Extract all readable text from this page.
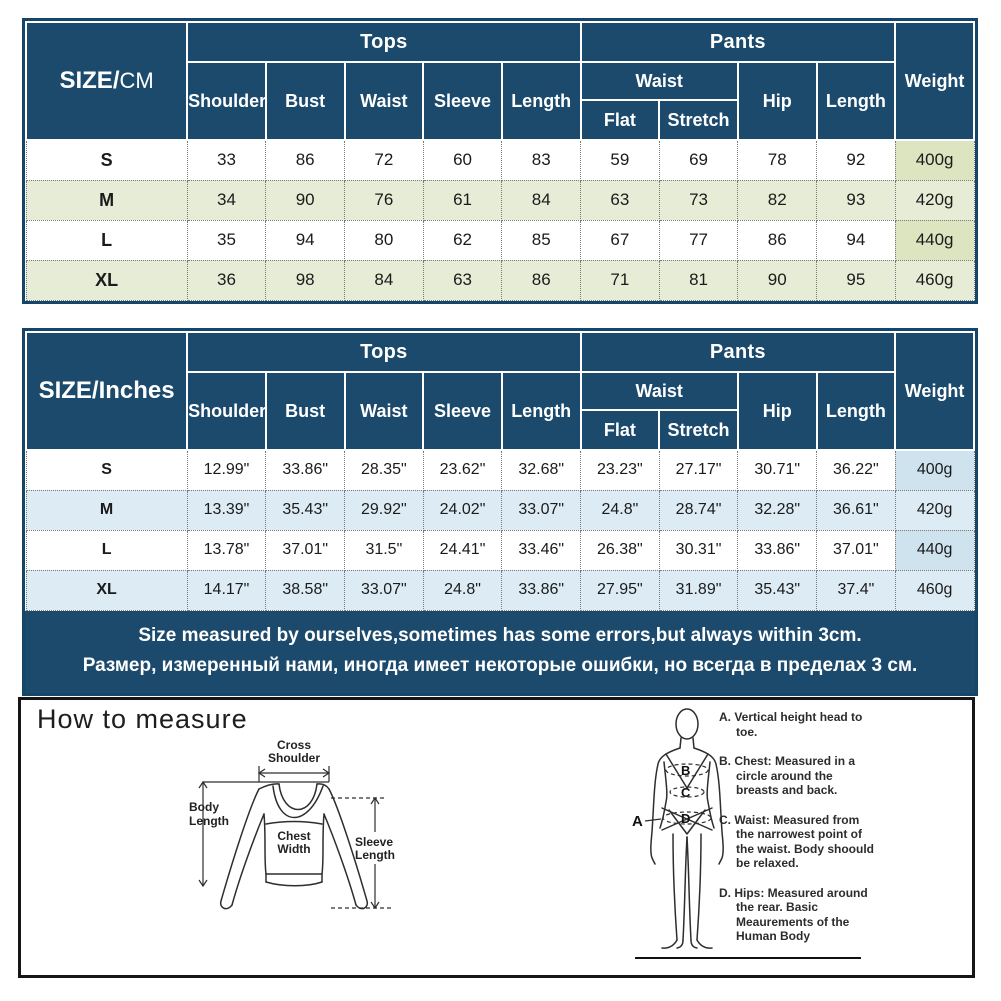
SIZE/CM	Tops					Pants				Weight
	Shoulder	Bust	Waist	Sleeve	Length	Waist		Hip	Length	
						Flat	Stretch			
S	33	86	72	60	83	59	69	78	92	400g
M	34	90	76	61	84	63	73	82	93	420g
L	35	94	80	62	85	67	77	86	94	440g
XL	36	98	84	63	86	71	81	90	95	460g
SIZE/Inches	Tops					Pants				Weight
	Shoulder	Bust	Waist	Sleeve	Length	Waist		Hip	Length	
						Flat	Stretch			
S	12.99"	33.86"	28.35"	23.62"	32.68"	23.23"	27.17"	30.71"	36.22"	400g
M	13.39"	35.43"	29.92"	24.02"	33.07"	24.8"	28.74"	32.28"	36.61"	420g
L	13.78"	37.01"	31.5"	24.41"	33.46"	26.38"	30.31"	33.86"	37.01"	440g
XL	14.17"	38.58"	33.07"	24.8"	33.86"	27.95"	31.89"	35.43"	37.4"	460g
Size measured by ourselves,sometimes has some errors,but always within 3cm.
Размер, измеренный нами, иногда имеет некоторые ошибки, но всегда в пределах 3 см.
How to measure
Cross
Shoulder
Body
Length
Chest
Width	Sleeve
Length
B
C
D
A
A. Vertical height head to toe.
B. Chest: Measured in a circle around the breasts and back.
C. Waist: Measured from the narrowest point of the waist. Body shoould be relaxed.
D. Hips: Measured around the rear. Basic Meaurements of the Human Body
